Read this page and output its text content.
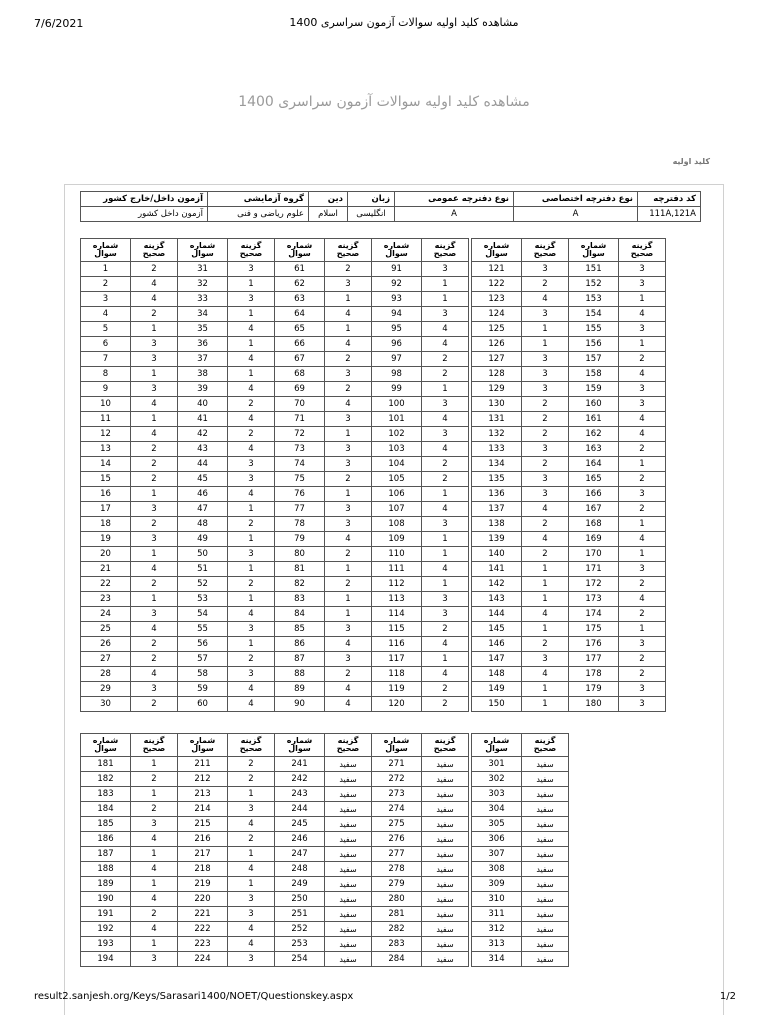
7/6/2021	مشاهده کلید اولیه سوالات آزمون سراسری 1400
مشاهده کلید اولیه سوالات آزمون سراسری 1400
کلید اولیه
کد دفترچه	نوع دفترچه اختصاصی	نوع دفترچه عمومی	زبان	دین	گروه آزمایشی	آزمون داخل/خارج کشور
111A,121A	A	A	انگلیسی	اسلام	علوم ریاضی و فنی	آزمون داخل کشور
شماره سوال	گزینه صحیح
1	2
2	4
3	4
4	2
5	1
6	3
7	3
8	1
9	3
10	4
11	1
12	4
13	2
14	2
15	2
16	1
17	3
18	2
19	3
20	1
21	4
22	2
23	1
24	3
25	4
26	2
27	2
28	4
29	3
30	2
شماره سوال	گزینه صحیح
31	3
32	1
33	3
34	1
35	4
36	1
37	4
38	1
39	4
40	2
41	4
42	2
43	4
44	3
45	3
46	4
47	1
48	2
49	1
50	3
51	1
52	2
53	1
54	4
55	3
56	1
57	2
58	3
59	4
60	4
شماره سوال	گزینه صحیح
61	2
62	3
63	1
64	4
65	1
66	4
67	2
68	3
69	2
70	4
71	3
72	1
73	3
74	3
75	2
76	1
77	3
78	3
79	4
80	2
81	1
82	2
83	1
84	1
85	3
86	4
87	3
88	2
89	4
90	4
شماره سوال	گزینه صحیح
91	3
92	1
93	1
94	3
95	4
96	4
97	2
98	2
99	1
100	3
101	4
102	3
103	4
104	2
105	2
106	1
107	4
108	3
109	1
110	1
111	4
112	1
113	3
114	3
115	2
116	4
117	1
118	4
119	2
120	2
شماره سوال	گزینه صحیح
121	3
122	2
123	4
124	3
125	1
126	1
127	3
128	3
129	3
130	2
131	2
132	2
133	3
134	2
135	3
136	3
137	4
138	2
139	4
140	2
141	1
142	1
143	1
144	4
145	1
146	2
147	3
148	4
149	1
150	1
شماره سوال	گزینه صحیح
151	3
152	3
153	1
154	4
155	3
156	1
157	2
158	4
159	3
160	3
161	4
162	4
163	2
164	1
165	2
166	3
167	2
168	1
169	4
170	1
171	3
172	2
173	4
174	2
175	1
176	3
177	2
178	2
179	3
180	3
شماره سوال	گزینه صحیح
181	1
182	2
183	1
184	2
185	3
186	4
187	1
188	4
189	1
190	4
191	2
192	4
193	1
194	3
شماره سوال	گزینه صحیح
211	2
212	2
213	1
214	3
215	4
216	2
217	1
218	4
219	1
220	3
221	3
222	4
223	4
224	3
شماره سوال	گزینه صحیح
241	سفید
242	سفید
243	سفید
244	سفید
245	سفید
246	سفید
247	سفید
248	سفید
249	سفید
250	سفید
251	سفید
252	سفید
253	سفید
254	سفید
شماره سوال	گزینه صحیح
271	سفید
272	سفید
273	سفید
274	سفید
275	سفید
276	سفید
277	سفید
278	سفید
279	سفید
280	سفید
281	سفید
282	سفید
283	سفید
284	سفید
شماره سوال	گزینه صحیح
301	سفید
302	سفید
303	سفید
304	سفید
305	سفید
306	سفید
307	سفید
308	سفید
309	سفید
310	سفید
311	سفید
312	سفید
313	سفید
314	سفید
result2.sanjesh.org/Keys/Sarasari1400/NOET/Questionskey.aspx	1/2
